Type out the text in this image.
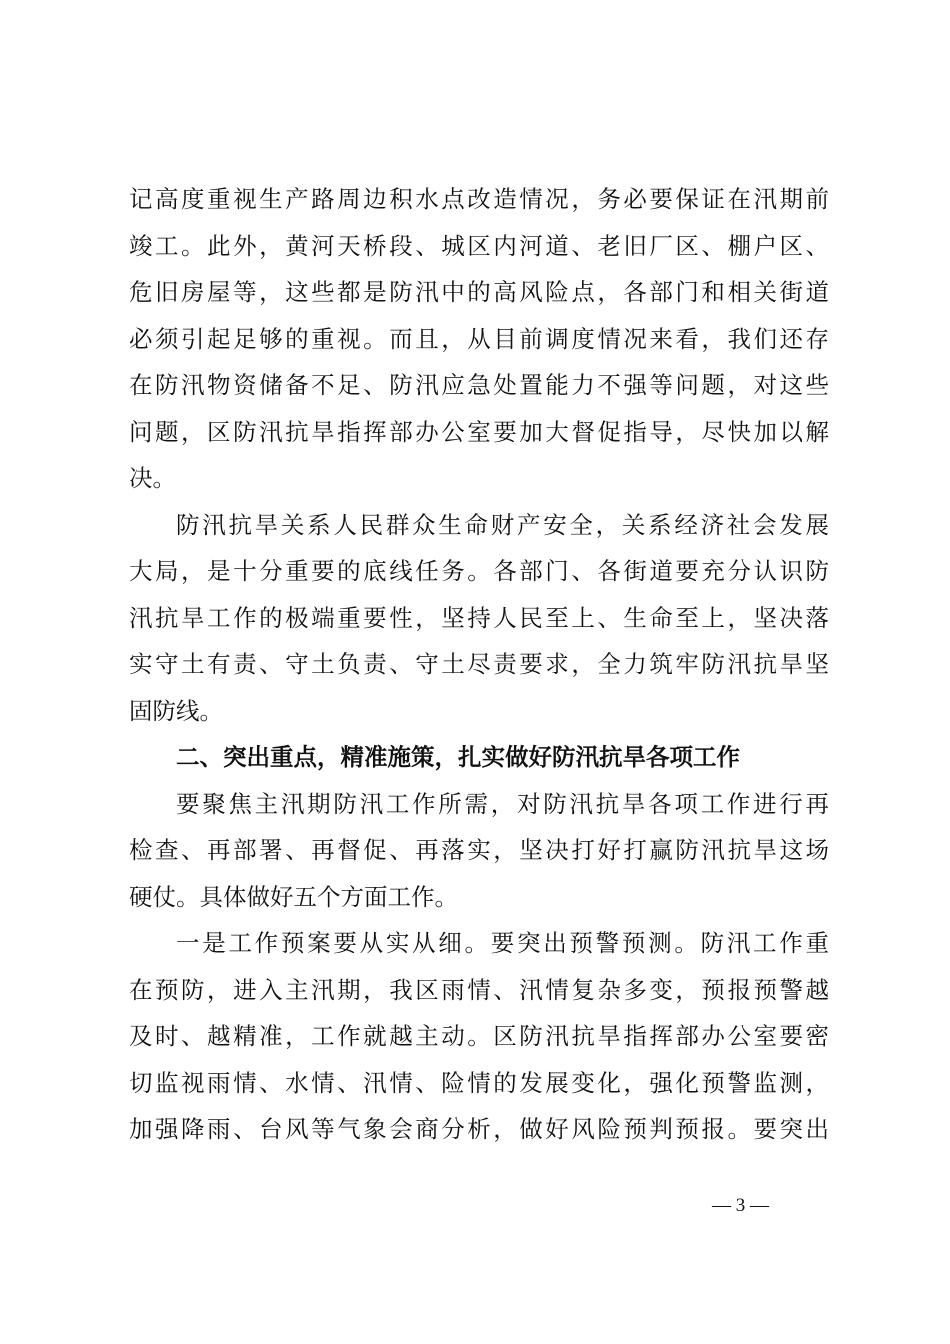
记高度重视生产路周边积水点改造情况，务必要保证在汛期前
竣工。此外，黄河天桥段、城区内河道、老旧厂区、棚户区、
危旧房屋等，这些都是防汛中的高风险点，各部门和相关街道
必须引起足够的重视。而且，从目前调度情况来看，我们还存
在防汛物资储备不足、防汛应急处置能力不强等问题，对这些
问题，区防汛抗旱指挥部办公室要加大督促指导，尽快加以解
决。
防汛抗旱关系人民群众生命财产安全，关系经济社会发展
大局，是十分重要的底线任务。各部门、各街道要充分认识防
汛抗旱工作的极端重要性，坚持人民至上、生命至上，坚决落
实守土有责、守土负责、守土尽责要求，全力筑牢防汛抗旱坚
固防线。
二、突出重点，精准施策，扎实做好防汛抗旱各项工作
要聚焦主汛期防汛工作所需，对防汛抗旱各项工作进行再
检查、再部署、再督促、再落实，坚决打好打赢防汛抗旱这场
硬仗。具体做好五个方面工作。
一是工作预案要从实从细。要突出预警预测。防汛工作重
在预防，进入主汛期，我区雨情、汛情复杂多变，预报预警越
及时、越精准，工作就越主动。区防汛抗旱指挥部办公室要密
切监视雨情、水情、汛情、险情的发展变化，强化预警监测，
加强降雨、台风等气象会商分析，做好风险预判预报。要突出
— 3 —
